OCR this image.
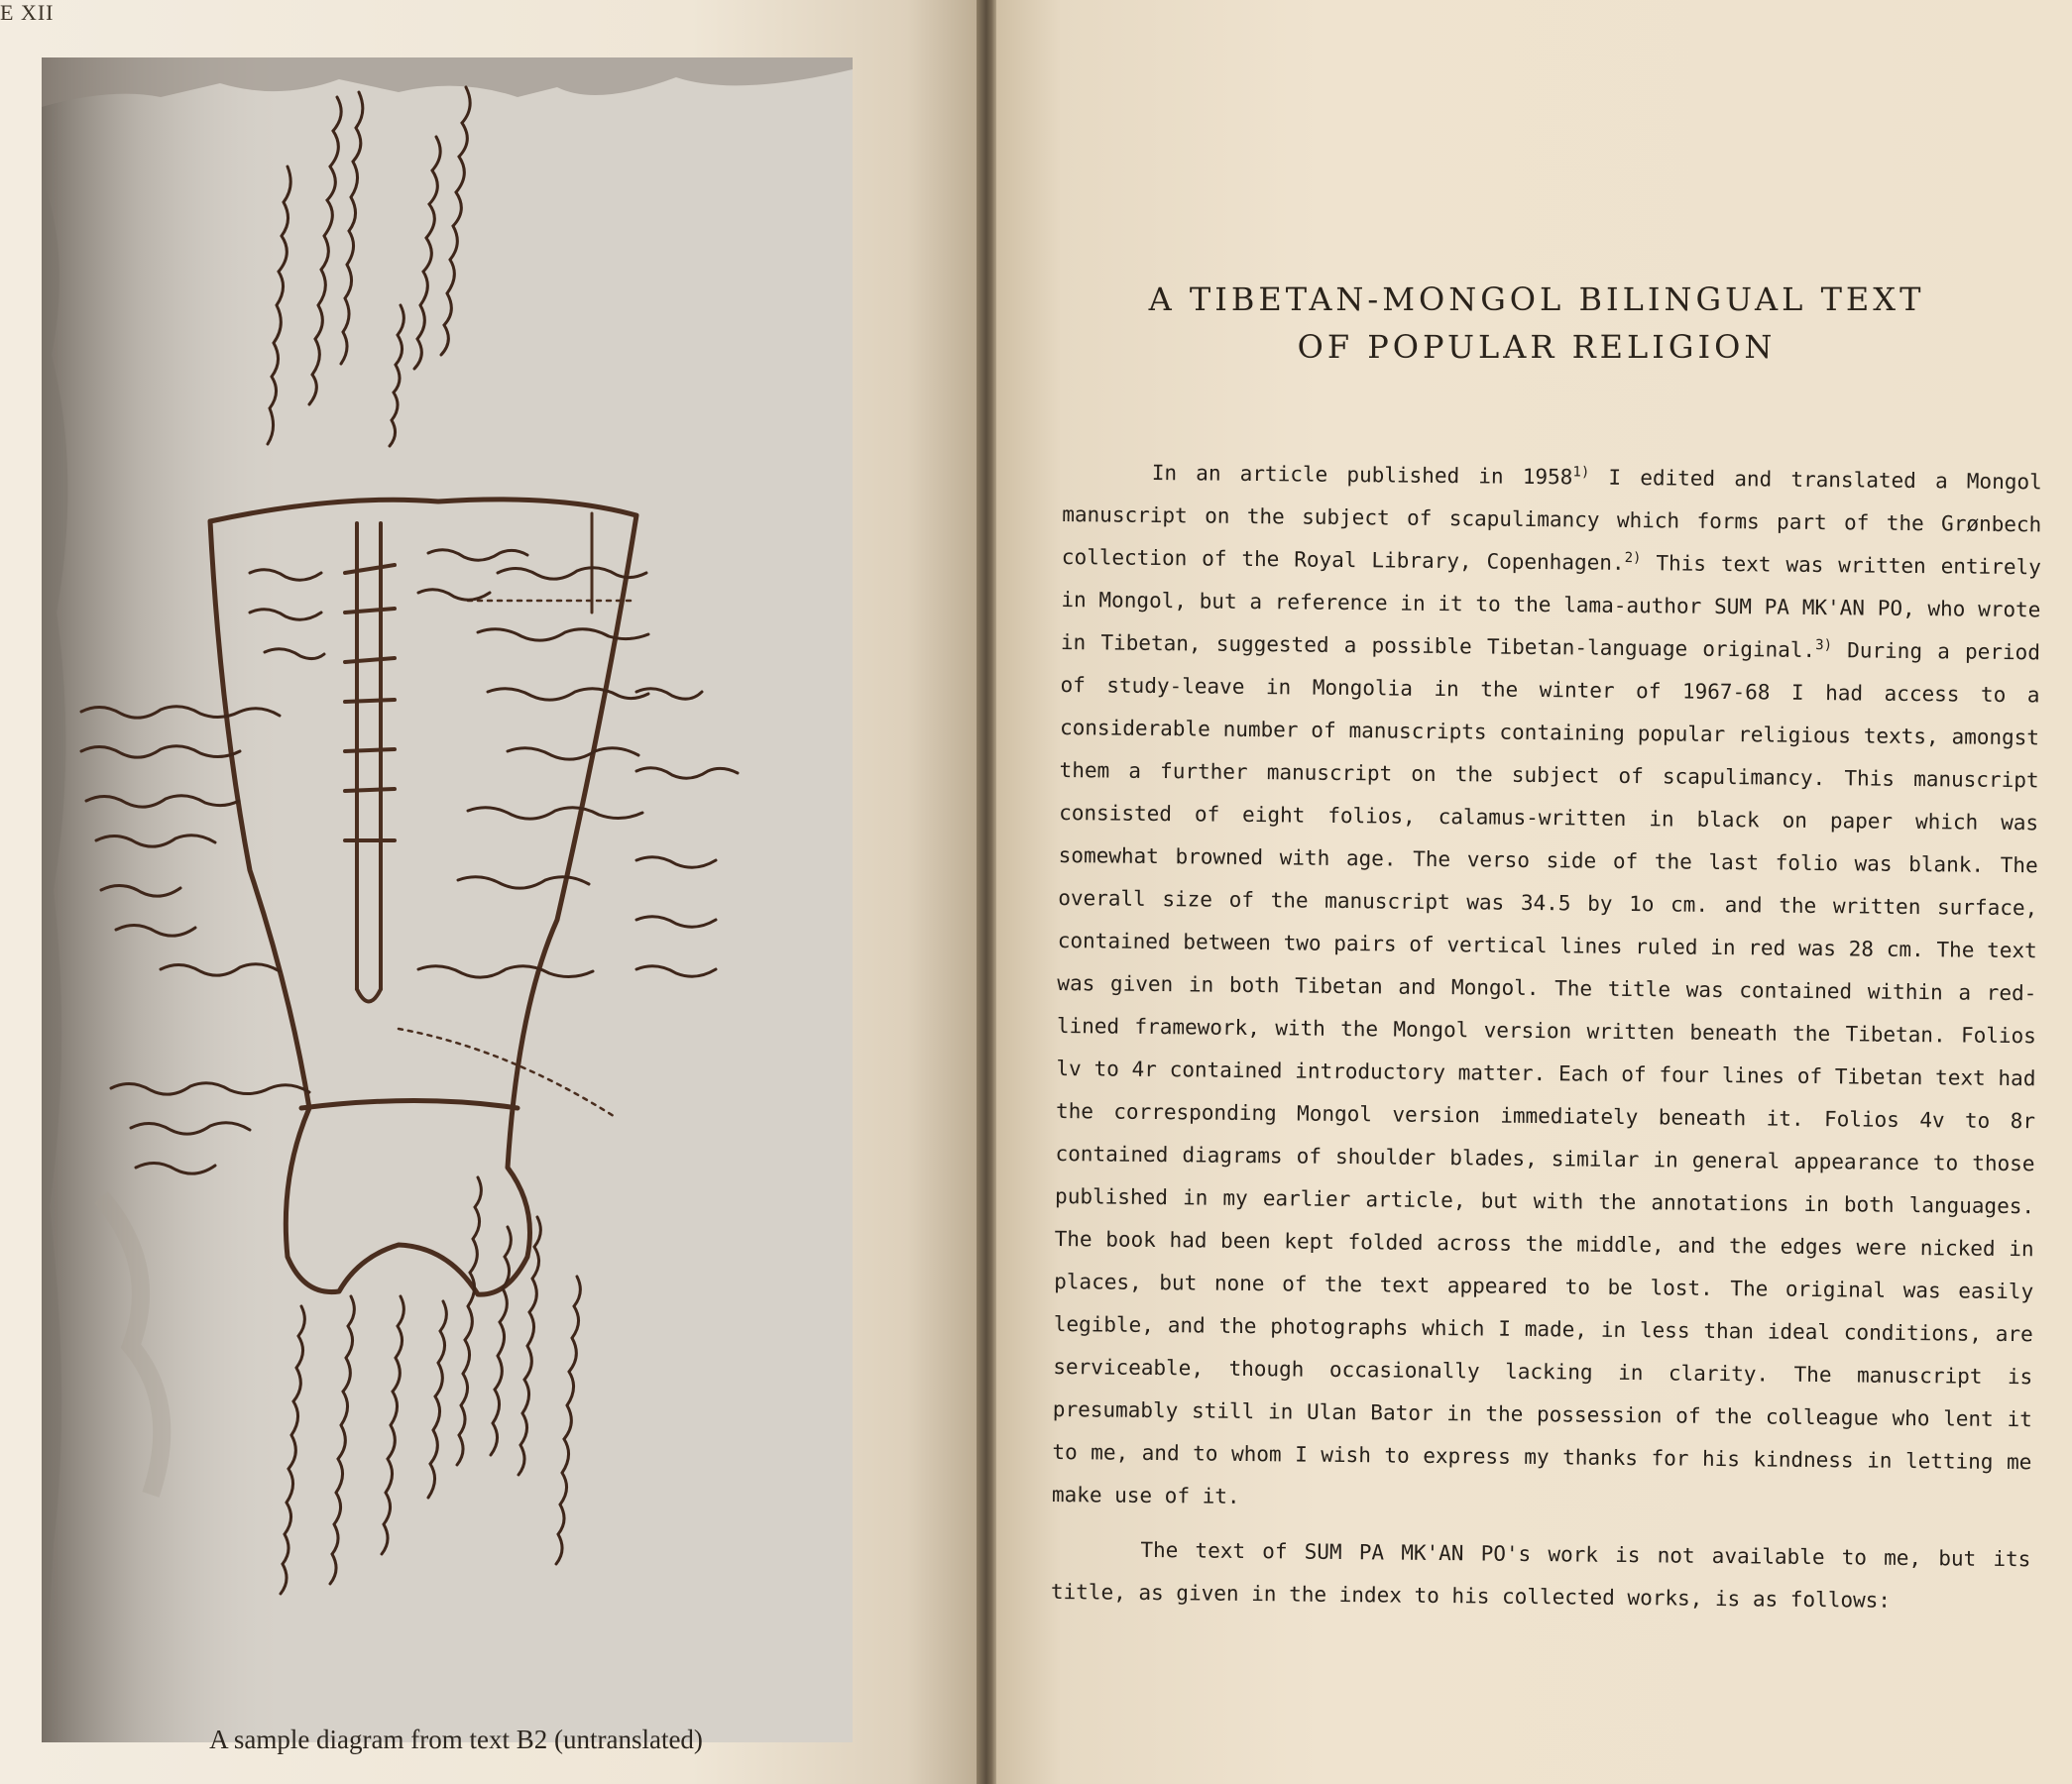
E XII
A sample diagram from text B2 (untranslated)
A TIBETAN-MONGOL BILINGUAL TEXT
OF POPULAR RELIGION

In an article published in 1958$^{1)}$ I edited and translated a Mongol manuscript on the subject of scapulimancy which forms part of the Grønbech collection of the Royal Library, Copenhagen.$^{2)}$ This text was written entirely in Mongol, but a reference in it to the lama-author SUM PA MK'AN PO, who wrote in Tibetan, suggested a possible Tibetan-language original.$^{3)}$ During a period of study-leave in Mongolia in the winter of 1967-68 I had access to a considerable number of manuscripts containing popular religious texts, amongst them a further manuscript on the subject of scapulimancy. This manuscript consisted of eight folios, calamus-written in black on paper which was somewhat browned with age. The verso side of the last folio was blank. The overall size of the manuscript was 34.5 by 1o cm. and the written surface, contained between two pairs of vertical lines ruled in red was 28 cm. The text was given in both Tibetan and Mongol. The title was contained within a red-lined framework, with the Mongol version written beneath the Tibetan. Folios lv to 4r contained introductory matter. Each of four lines of Tibetan text had the corresponding Mongol version immediately beneath it. Folios 4v to 8r contained diagrams of shoulder blades, similar in general appearance to those published in my earlier article, but with the annotations in both languages. The book had been kept folded across the middle, and the edges were nicked in places, but none of the text appeared to be lost. The original was easily legible, and the photographs which I made, in less than ideal conditions, are serviceable, though occasionally lacking in clarity. The manuscript is presumably still in Ulan Bator in the possession of the colleague who lent it to me, and to whom I wish to express my thanks for his kindness in letting me make use of it.

The text of SUM PA MK'AN PO's work is not available to me, but its title, as given in the index to his collected works, is as follows:
